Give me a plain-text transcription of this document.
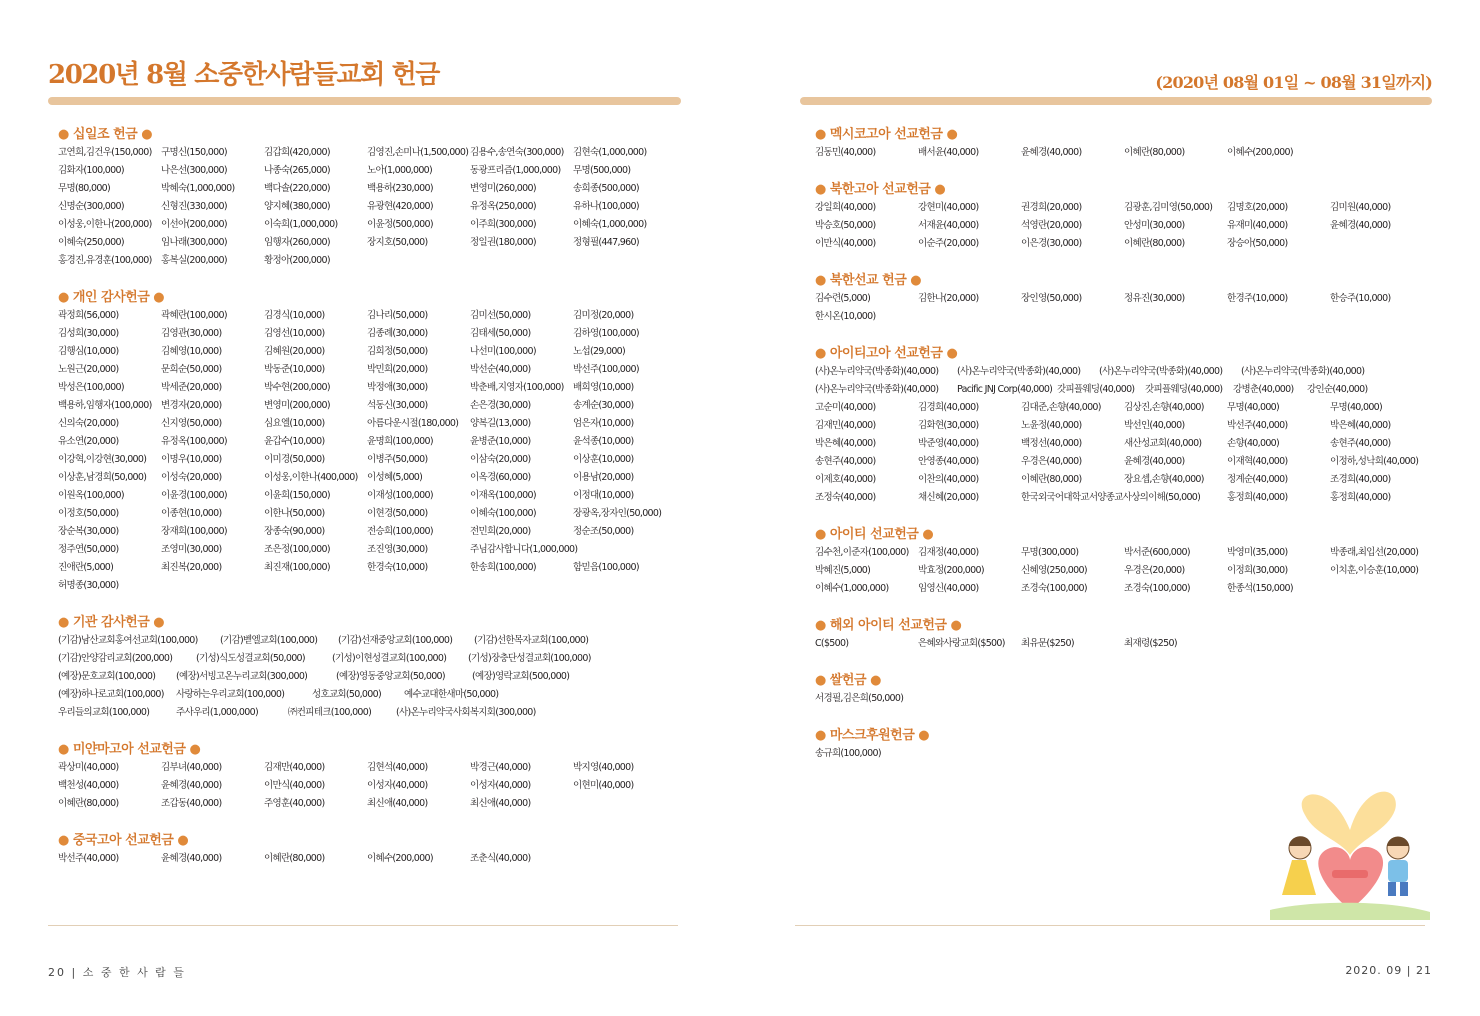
2020년 8월 소중한사람들교회 헌금	(2020년 08월 01일 ~ 08월 31일까지)
● 십일조 헌금 ●
고연희,김건우(150,000) 구명신(150,000)	김갑희(420,000)	김영진,손미나(1,500,000) 김용수,송연숙(300,000) 김현숙(1,000,000)
김화자(100,000)	나은선(300,000)	나종숙(265,000)	노아(1,000,000)	동광프리즘(1,000,000)	무명(500,000)
무명(80,000)	박혜숙(1,000,000)	백다솔(220,000)	백용하(230,000)	변영미(260,000)	송희종(500,000)
신명순(300,000)	신형진(330,000)	양지혜(380,000)	유광현(420,000)	유정옥(250,000)	유하나(100,000)
이성웅,이한나(200,000) 이선아(200,000)	이숙희(1,000,000)	이윤정(500,000)	이주희(300,000)	이혜숙(1,000,000)
이혜숙(250,000)	임나래(300,000)	임행자(260,000)	장지호(50,000)	정일권(180,000)	정형필(447,960)
홍경진,유경훈(100,000) 홍복실(200,000)	황정아(200,000)
● 개인 감사헌금 ●
곽정희(56,000)	곽혜란(100,000)	김경식(10,000)	김나리(50,000)	김미선(50,000)	김미정(20,000)
김성희(30,000)	김영관(30,000)	김영선(10,000)	김종례(30,000)	김태세(50,000)	김하영(100,000)
김행심(10,000)	김혜영(10,000)	김혜원(20,000)	김희정(50,000)	나선미(100,000)	노섭(29,000)
노원근(20,000)	문희순(50,000)	박동준(10,000)	박민희(20,000)	박선순(40,000)	박선주(100,000)
박성은(100,000)	박세준(20,000)	박수현(200,000)	박정애(30,000)	박춘배,지영자(100,000) 배희영(10,000)
백용하,임행자(100,000) 변경자(20,000)	변영미(200,000)	석동신(30,000)	손은경(30,000)	송계순(30,000)
신의숙(20,000)	신지영(50,000)	심요엘(10,000)	아름다운시절(180,000)	양복길(13,000)	엄은자(10,000)
유소연(20,000)	유정옥(100,000)	윤갑수(10,000)	윤명희(100,000)	윤병준(10,000)	윤석종(10,000)
이강혁,이강현(30,000)	이명우(10,000)	이미경(50,000)	이병주(50,000)	이삼숙(20,000)	이상훈(10,000)
이상훈,남경희(50,000)	이성숙(20,000)	이성웅,이한나(400,000) 이성혜(5,000)	이옥경(60,000)	이용남(20,000)
이원옥(100,000)	이윤경(100,000)	이윤희(150,000)	이재성(100,000)	이재옥(100,000)	이정대(10,000)
이정호(50,000)	이종현(10,000)	이한나(50,000)	이현경(50,000)	이혜숙(100,000)	장광옥,장자인(50,000)
장순복(30,000)	장재희(100,000)	장종숙(90,000)	전승희(100,000)	전민희(20,000)	정순조(50,000)
정주연(50,000)	조영미(30,000)	조은정(100,000)	조진영(30,000)	주님감사합니다(1,000,000)
진애란(5,000)	최진복(20,000)	최진재(100,000)	한경숙(10,000)	한송희(100,000)	함믿음(100,000)
허명종(30,000)
● 기관 감사헌금 ●
(기감)남산교회홍여선교회(100,000)	(기감)벧엘교회(100,000)	(기감)선재중앙교회(100,000)	(기감)선한목자교회(100,000)
(기감)안양감리교회(200,000)	(기성)식도성결교회(50,000)	(기성)이현성결교회(100,000)	(기성)장충단성결교회(100,000)
(예장)문호교회(100,000)	(예장)서빙고온누리교회(300,000)	(예장)영동중앙교회(50,000)	(예장)영락교회(500,000)
(예장)하나로교회(100,000)	사랑하는우리교회(100,000)	성호교회(50,000)	예수교대한새마(50,000)
우리들의교회(100,000)	주사우리(1,000,000)	㈜컨피테크(100,000)	(사)온누리약국사회복지회(300,000)
● 미얀마고아 선교헌금 ●
곽상미(40,000)	김부녀(40,000)	김재만(40,000)	김현석(40,000)	박경근(40,000)	박지영(40,000)
백천성(40,000)	윤혜경(40,000)	이만식(40,000)	이성자(40,000)	이성자(40,000)	이현미(40,000)
이혜란(80,000)	조갑동(40,000)	주영훈(40,000)	최신애(40,000)	최신애(40,000)
● 중국고아 선교헌금 ●
박선주(40,000)	윤혜경(40,000)	이혜란(80,000)	이혜수(200,000)	조춘식(40,000)
● 멕시코고아 선교헌금 ●
김동민(40,000)	배서윤(40,000)	윤혜경(40,000)	이혜란(80,000)	이혜수(200,000)
● 북한고아 선교헌금 ●
강일희(40,000)	강현미(40,000)	권경희(20,000)	김광훈,김미영(50,000)	김명호(20,000)	김미원(40,000)
박승호(50,000)	서재윤(40,000)	석영란(20,000)	안성미(30,000)	유재미(40,000)	윤혜경(40,000)
이만식(40,000)	이순주(20,000)	이은경(30,000)	이혜란(80,000)	장승아(50,000)
● 북한선교 헌금 ●
김수련(5,000)	김한나(20,000)	장인영(50,000)	정유진(30,000)	한경주(10,000)	한승주(10,000)
한시온(10,000)
● 아이티고아 선교헌금 ●
(사)온누리약국(박종화)(40,000)	(사)온누리약국(박종화)(40,000)	(사)온누리약국(박종화)(40,000)	(사)온누리약국(박종화)(40,000)
(사)온누리약국(박종화)(40,000)	Pacific JNJ Corp(40,000) 갓피플웨딩(40,000)	갓피플웨딩(40,000)	강병춘(40,000)	강인순(40,000)
고순미(40,000)	김경희(40,000)	김대준,손향(40,000)	김상진,손향(40,000)	무명(40,000)	무명(40,000)
김재민(40,000)	김화현(30,000)	노윤정(40,000)	박선인(40,000)	박선주(40,000)	박은혜(40,000)
박은혜(40,000)	박준영(40,000)	백정선(40,000)	새산성교회(40,000)	손향(40,000)	송현주(40,000)
송현주(40,000)	안영종(40,000)	우경은(40,000)	윤혜경(40,000)	이재혁(40,000)	이정하,성낙희(40,000)
이제호(40,000)	이찬의(40,000)	이혜란(80,000)	장요셉,손향(40,000)	정계순(40,000)	조경희(40,000)
조정숙(40,000)	채신혜(20,000)	한국외국어대학교서양종교사상의이해(50,000)	홍정희(40,000)	홍정희(40,000)
● 아이티 선교헌금 ●
김수천,이준자(100,000) 김재정(40,000)	무명(300,000)	박서준(600,000)	박영미(35,000)	박종래,최입선(20,000)
박혜진(5,000)	박효정(200,000)	신혜영(250,000)	우경은(20,000)	이정희(30,000)	이치훈,이승훈(10,000)
이혜수(1,000,000)	임영신(40,000)	조경숙(100,000)	조경숙(100,000)	한종석(150,000)
● 해외 아이티 선교헌금 ●
C($500)	은혜와사랑교회($500)	최유문($250)	최재령($250)
● 쌀헌금 ●
서경필,김은희(50,000)
● 마스크후원헌금 ●
송규희(100,000)
20 | 소 중 한 사 람 들	2020. 09 | 21
